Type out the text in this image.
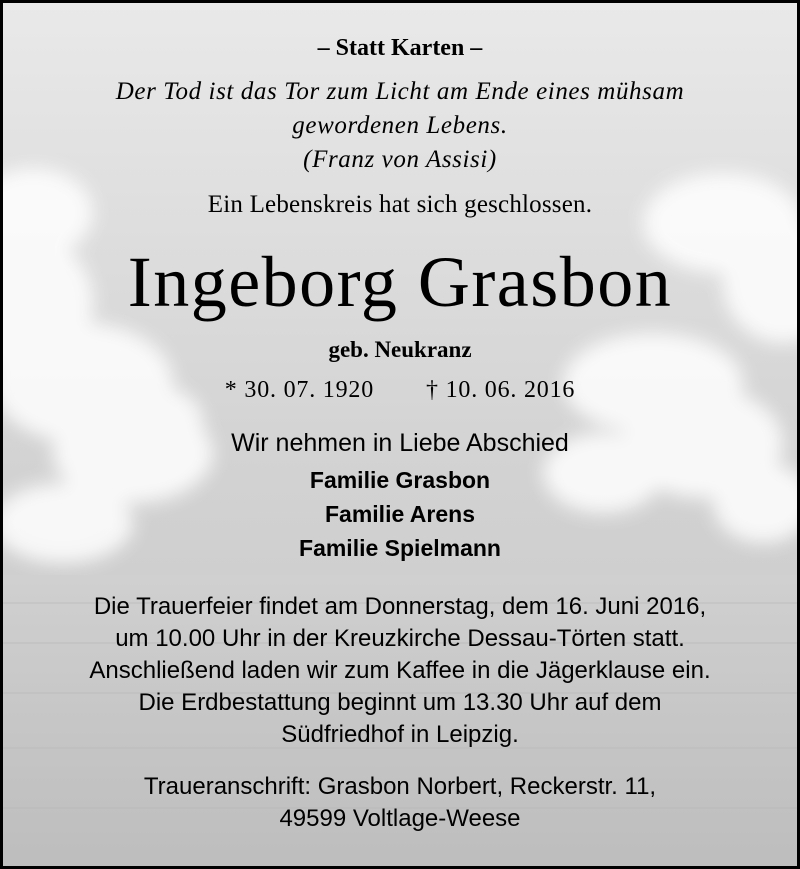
– Statt Karten –
Der Tod ist das Tor zum Licht am Ende eines mühsam
gewordenen Lebens.
(Franz von Assisi)
Ein Lebenskreis hat sich geschlossen.
Ingeborg Grasbon
geb. Neukranz
* 30. 07. 1920 † 10. 06. 2016
Wir nehmen in Liebe Abschied
Familie Grasbon
Familie Arens
Familie Spielmann
Die Trauerfeier findet am Donnerstag, dem 16. Juni 2016,
um 10.00 Uhr in der Kreuzkirche Dessau-Törten statt.
Anschließend laden wir zum Kaffee in die Jägerklause ein.
Die Erdbestattung beginnt um 13.30 Uhr auf dem
Südfriedhof in Leipzig.
Traueranschrift: Grasbon Norbert, Reckerstr. 11,
49599 Voltlage-Weese
